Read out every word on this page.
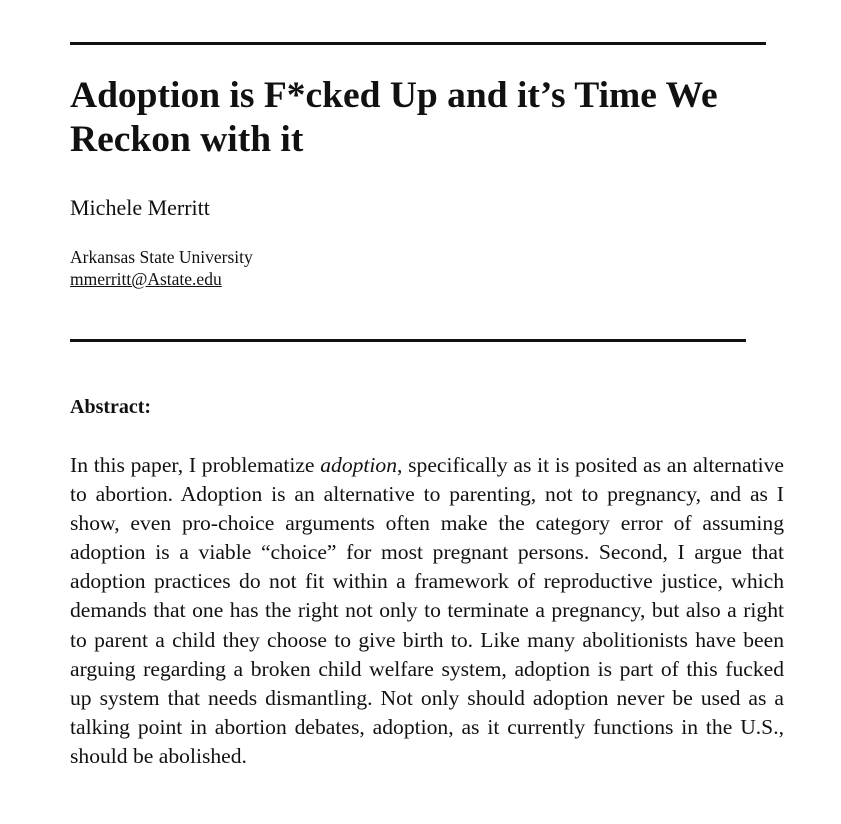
Adoption is F*cked Up and it’s Time We Reckon with it
Michele Merritt
Arkansas State University
mmerritt@Astate.edu
Abstract:

In this paper, I problematize adoption, specifically as it is posited as an alternative to abortion. Adoption is an alternative to parenting, not to pregnancy, and as I show, even pro-choice arguments often make the category error of assuming adoption is a viable “choice” for most pregnant persons. Second, I argue that adoption practices do not fit within a framework of reproductive justice, which demands that one has the right not only to terminate a pregnancy, but also a right to parent a child they choose to give birth to. Like many abolitionists have been arguing regarding a broken child welfare system, adoption is part of this fucked up system that needs dismantling. Not only should adoption never be used as a talking point in abortion debates, adoption, as it currently functions in the U.S., should be abolished.
